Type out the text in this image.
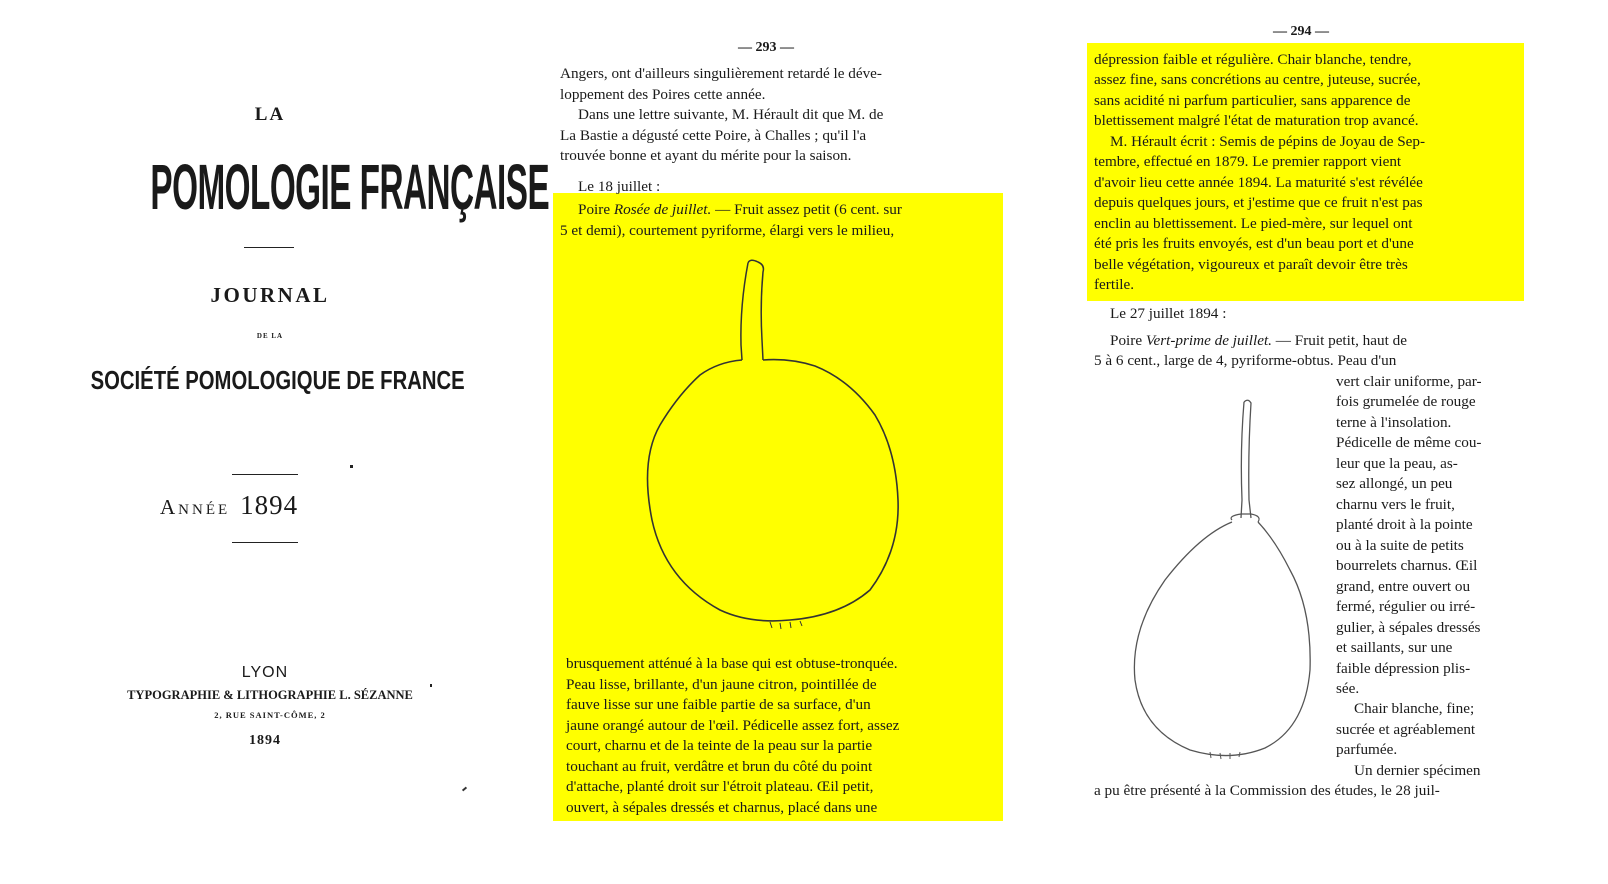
LA
POMOLOGIE FRANÇAISE
JOURNAL
DE LA
SOCIÉTÉ POMOLOGIQUE DE FRANCE
Année 1894
LYON
TYPOGRAPHIE & LITHOGRAPHIE L. SÉZANNE
2, RUE SAINT-CÔME, 2
1894
— 293 —
Angers, ont d'ailleurs singulièrement retardé le déve-
loppement des Poires cette année.
Dans une lettre suivante, M. Hérault dit que M. de
La Bastie a dégusté cette Poire, à Challes ; qu'il l'a
trouvée bonne et ayant du mérite pour la saison.
Le 18 juillet :
Poire Rosée de juillet. — Fruit assez petit (6 cent. sur
5 et demi), courtement pyriforme, élargi vers le milieu,
brusquement atténué à la base qui est obtuse-tronquée.
Peau lisse, brillante, d'un jaune citron, pointillée de
fauve lisse sur une faible partie de sa surface, d'un
jaune orangé autour de l'œil. Pédicelle assez fort, assez
court, charnu et de la teinte de la peau sur la partie
touchant au fruit, verdâtre et brun du côté du point
d'attache, planté droit sur l'étroit plateau. Œil petit,
ouvert, à sépales dressés et charnus, placé dans une
— 294 —
dépression faible et régulière. Chair blanche, tendre,
assez fine, sans concrétions au centre, juteuse, sucrée,
sans acidité ni parfum particulier, sans apparence de
blettissement malgré l'état de maturation trop avancé.
M. Hérault écrit : Semis de pépins de Joyau de Sep-
tembre, effectué en 1879. Le premier rapport vient
d'avoir lieu cette année 1894. La maturité s'est révélée
depuis quelques jours, et j'estime que ce fruit n'est pas
enclin au blettissement. Le pied-mère, sur lequel ont
été pris les fruits envoyés, est d'un beau port et d'une
belle végétation, vigoureux et paraît devoir être très
fertile.
Le 27 juillet 1894 :
Poire Vert-prime de juillet. — Fruit petit, haut de
5 à 6 cent., large de 4, pyriforme-obtus. Peau d'un
vert clair uniforme, par-
fois grumelée de rouge
terne à l'insolation.
Pédicelle de même cou-
leur que la peau, as-
sez allongé, un peu
charnu vers le fruit,
planté droit à la pointe
ou à la suite de petits
bourrelets charnus. Œil
grand, entre ouvert ou
fermé, régulier ou irré-
gulier, à sépales dressés
et saillants, sur une
faible dépression plis-
sée.
Chair blanche, fine;
sucrée et agréablement
parfumée.
Un dernier spécimen
a pu être présenté à la Commission des études, le 28 juil-
